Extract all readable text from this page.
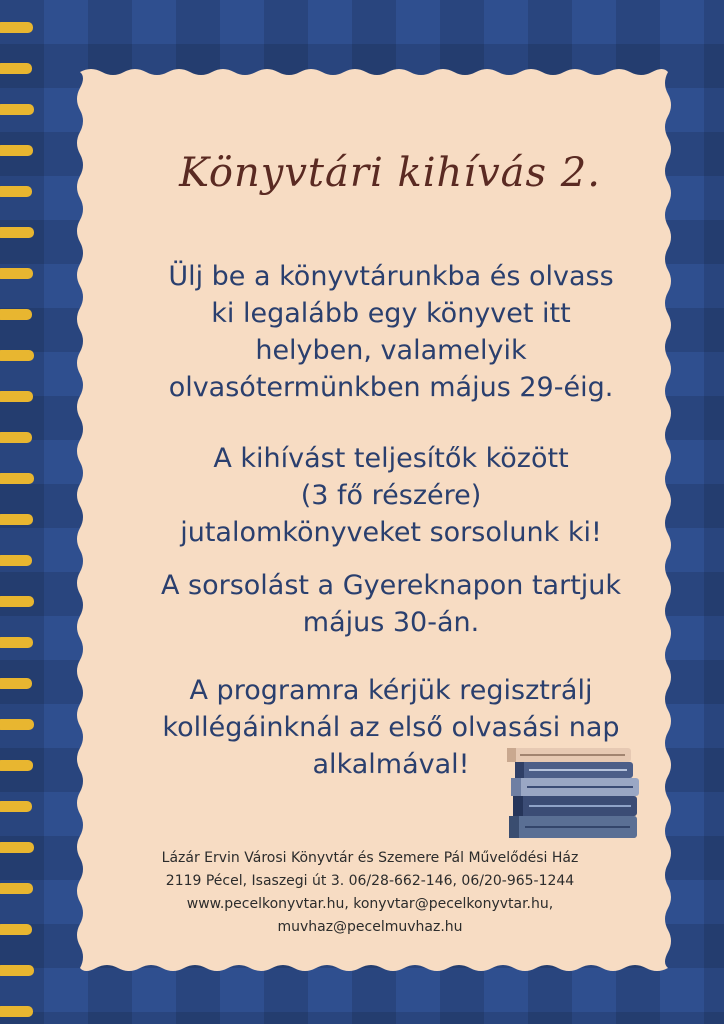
Könyvtári kihívás 2.
Ülj be a könyvtárunkba és olvass
ki legalább egy könyvet itt
helyben, valamelyik
olvasótermünkben május 29-éig.
A kihívást teljesítők között
(3 fő részére)
jutalomkönyveket sorsolunk ki!
A sorsolást a Gyereknapon tartjuk
május 30-án.
A programra kérjük regisztrálj
kollégáinknál az első olvasási nap
alkalmával!
Lázár Ervin Városi Könyvtár és Szemere Pál Művelődési Ház
2119 Pécel, Isaszegi út 3. 06/28-662-146, 06/20-965-1244
www.pecelkonyvtar.hu, konyvtar@pecelkonyvtar.hu,
muvhaz@pecelmuvhaz.hu
